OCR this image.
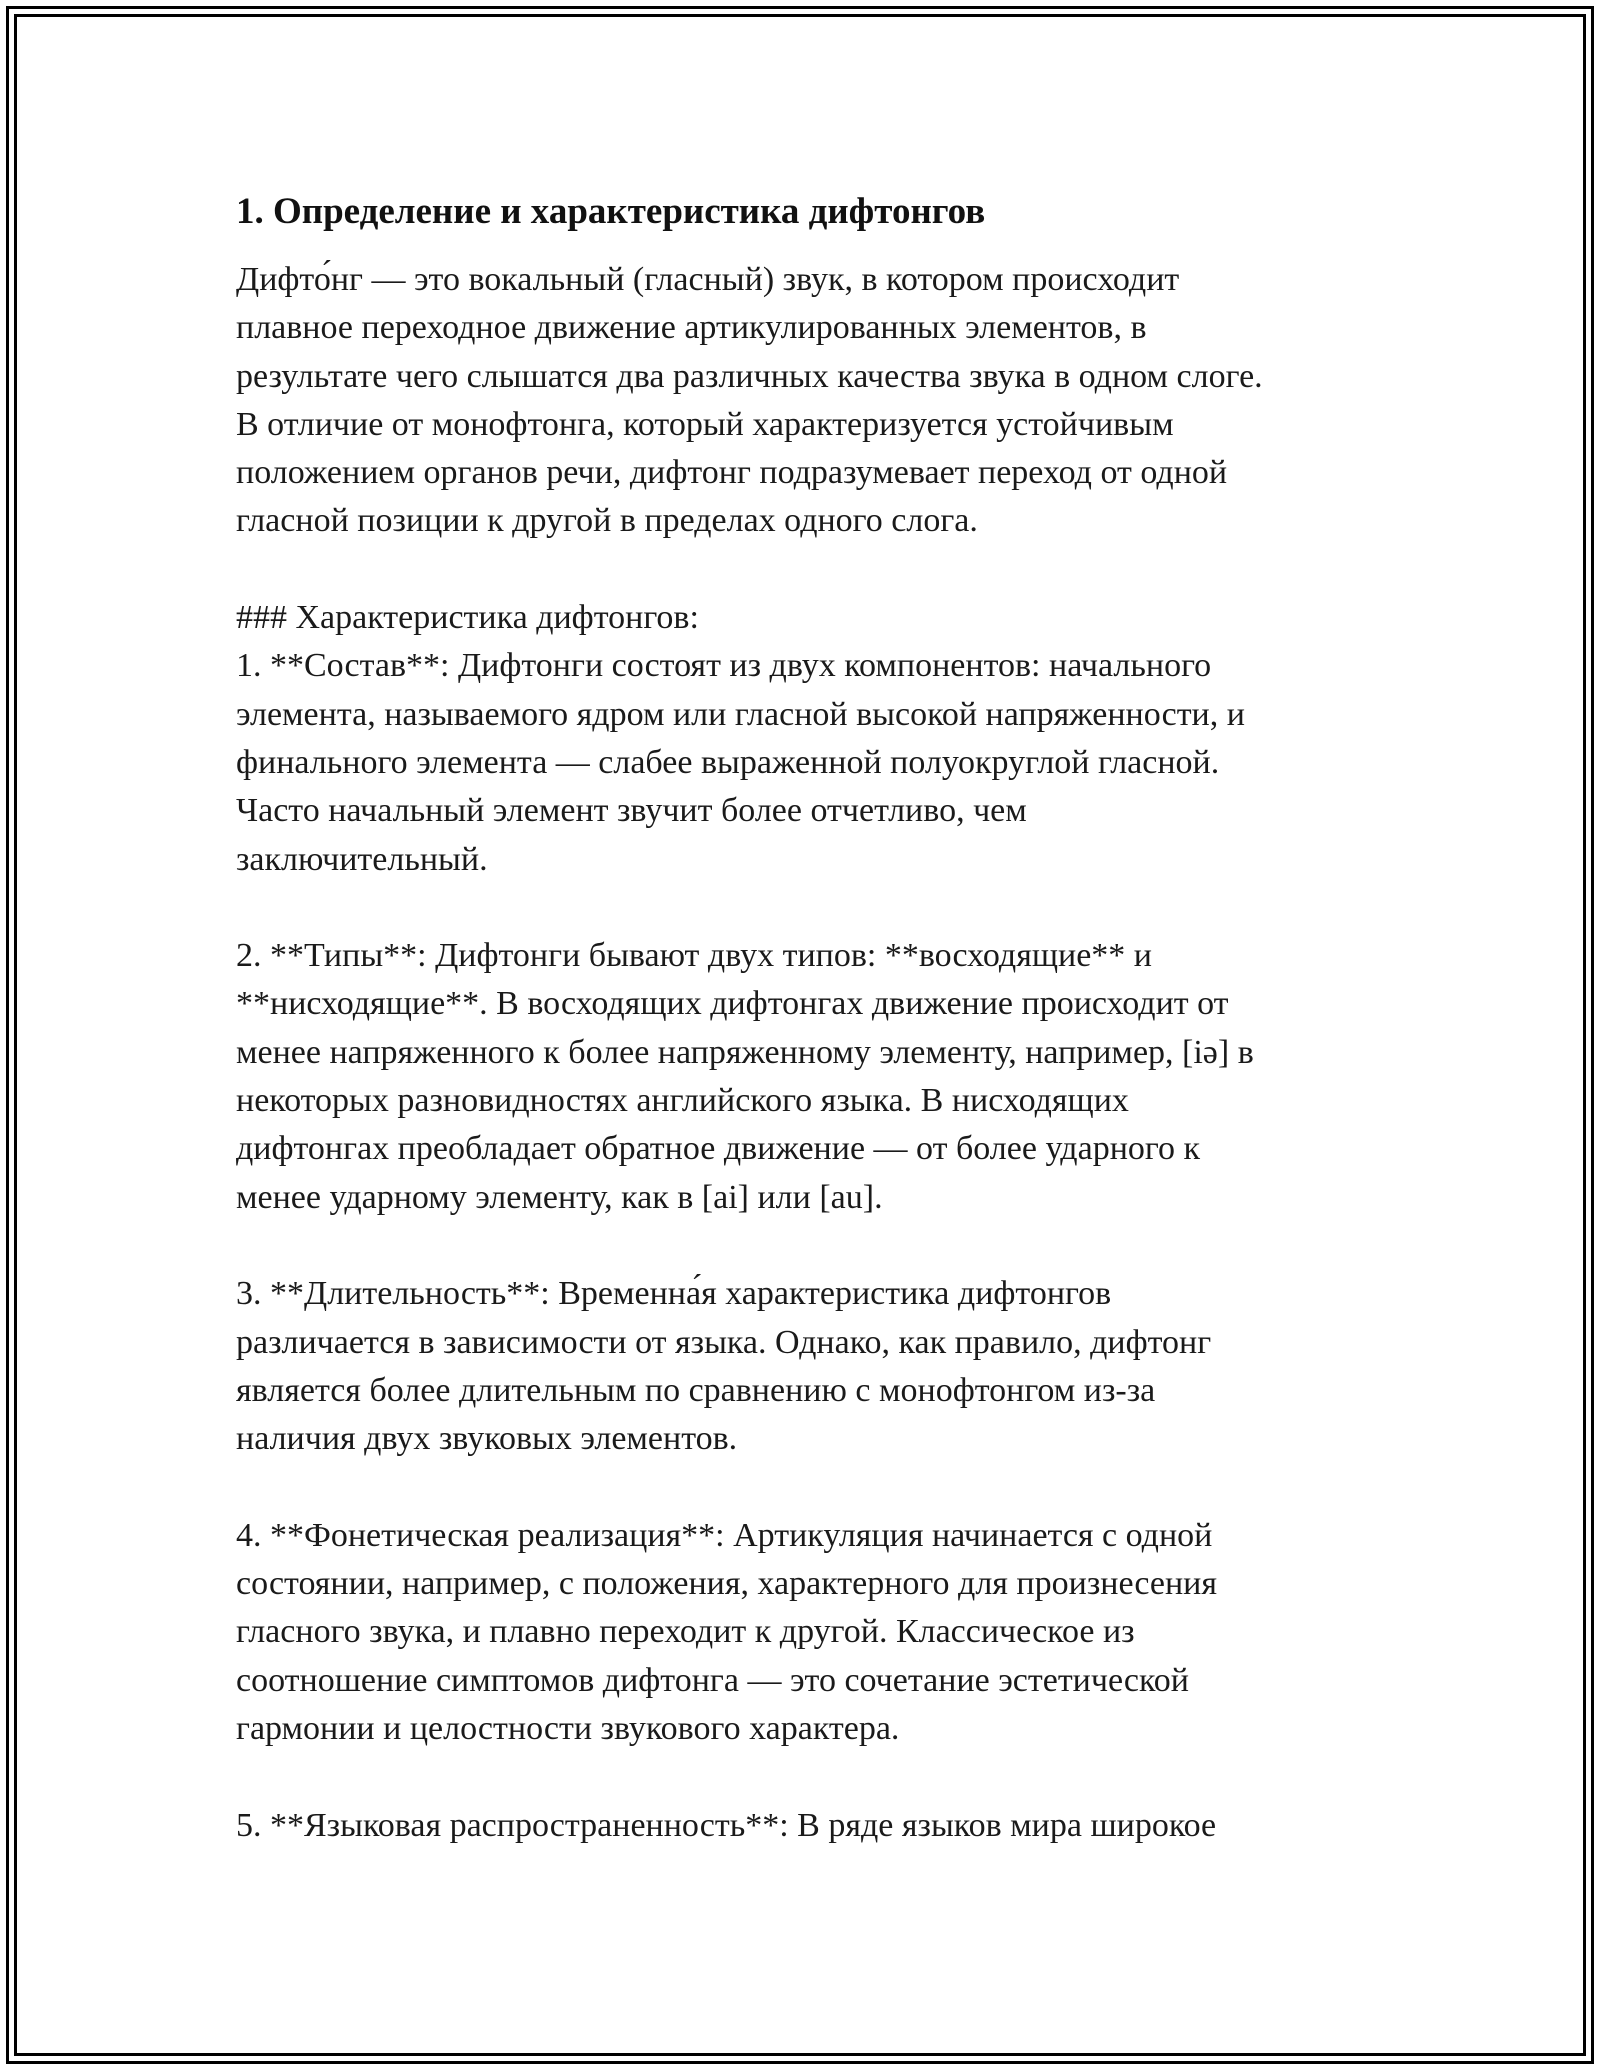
1. Определение и характеристика дифтонгов
Дифто́нг — это вокальный (гласный) звук, в котором происходит
плавное переходное движение артикулированных элементов, в
результате чего слышатся два различных качества звука в одном слоге.
В отличие от монофтонга, который характеризуется устойчивым
положением органов речи, дифтонг подразумевает переход от одной
гласной позиции к другой в пределах одного слога.
### Характеристика дифтонгов:
1. **Состав**: Дифтонги состоят из двух компонентов: начального
элемента, называемого ядром или гласной высокой напряженности, и
финального элемента — слабее выраженной полуокруглой гласной.
Часто начальный элемент звучит более отчетливо, чем
заключительный.
2. **Типы**: Дифтонги бывают двух типов: **восходящие** и
**нисходящие**. В восходящих дифтонгах движение происходит от
менее напряженного к более напряженному элементу, например, [iə] в
некоторых разновидностях английского языка. В нисходящих
дифтонгах преобладает обратное движение — от более ударного к
менее ударному элементу, как в [ai] или [au].
3. **Длительность**: Временна́я характеристика дифтонгов
различается в зависимости от языка. Однако, как правило, дифтонг
является более длительным по сравнению с монофтонгом из-за
наличия двух звуковых элементов.
4. **Фонетическая реализация**: Артикуляция начинается с одной
состоянии, например, с положения, характерного для произнесения
гласного звука, и плавно переходит к другой. Классическое из
соотношение симптомов дифтонга — это сочетание эстетической
гармонии и целостности звукового характера.
5. **Языковая распространенность**: В ряде языков мира широкое
